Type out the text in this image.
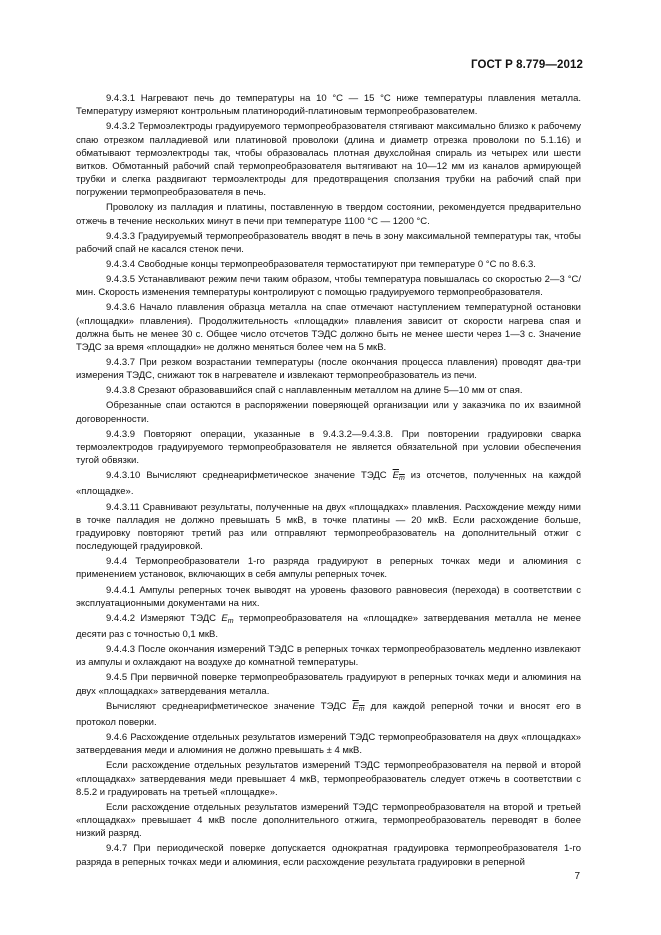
ГОСТ Р 8.779—2012

9.4.3.1 Нагревают печь до температуры на 10 °С — 15 °С ниже температуры плавления металла. Температуру измеряют контрольным платинородий-платиновым термопреобразователем.

9.4.3.2 Термоэлектроды градуируемого термопреобразователя стягивают максимально близко к рабочему спаю отрезком палладиевой или платиновой проволоки (длина и диаметр отрезка проволоки по 5.1.16) и обматывают термоэлектроды так, чтобы образовалась плотная двухслойная спираль из четырех или шести витков. Обмотанный рабочий спай термопреобразователя вытягивают на 10—12 мм из каналов армирующей трубки и слегка раздвигают термоэлектроды для предотвращения сползания трубки на рабочий спай при погружении термопреобразователя в печь.

Проволоку из палладия и платины, поставленную в твердом состоянии, рекомендуется предварительно отжечь в течение нескольких минут в печи при температуре 1100 °С — 1200 °С.

9.4.3.3 Градуируемый термопреобразователь вводят в печь в зону максимальной температуры так, чтобы рабочий спай не касался стенок печи.

9.4.3.4 Свободные концы термопреобразователя термостатируют при температуре 0 °С по 8.6.3.

9.4.3.5 Устанавливают режим печи таким образом, чтобы температура повышалась со скоростью 2—3 °С/мин. Скорость изменения температуры контролируют с помощью градуируемого термопреобразователя.

9.4.3.6 Начало плавления образца металла на спае отмечают наступлением температурной остановки («площадки» плавления). Продолжительность «площадки» плавления зависит от скорости нагрева спая и должна быть не менее 30 с. Общее число отсчетов ТЭДС должно быть не менее шести через 1—3 с. Значение ТЭДС за время «площадки» не должно меняться более чем на 5 мкВ.

9.4.3.7 При резком возрастании температуры (после окончания процесса плавления) проводят два-три измерения ТЭДС, снижают ток в нагревателе и извлекают термопреобразователь из печи.

9.4.3.8 Срезают образовавшийся спай с наплавленным металлом на длине 5—10 мм от спая.

Обрезанные спаи остаются в распоряжении поверяющей организации или у заказчика по их взаимной договоренности.

9.4.3.9 Повторяют операции, указанные в 9.4.3.2—9.4.3.8. При повторении градуировки сварка термоэлектродов градуируемого термопреобразователя не является обязательной при условии обеспечения тугой обвязки.

9.4.3.10 Вычисляют среднеарифметическое значение ТЭДС $E_т$ из отсчетов, полученных на каждой «площадке».

9.4.3.11 Сравнивают результаты, полученные на двух «площадках» плавления. Расхождение между ними в точке палладия не должно превышать 5 мкВ, в точке платины — 20 мкВ. Если расхождение больше, градуировку повторяют третий раз или отправляют термопреобразователь на дополнительный отжиг с последующей градуировкой.

9.4.4 Термопреобразователи 1-го разряда градуируют в реперных точках меди и алюминия с применением установок, включающих в себя ампулы реперных точек.

9.4.4.1 Ампулы реперных точек выводят на уровень фазового равновесия (перехода) в соответствии с эксплуатационными документами на них.

9.4.4.2 Измеряют ТЭДС $E_т$ термопреобразователя на «площадке» затвердевания металла не менее десяти раз с точностью 0,1 мкВ.

9.4.4.3 После окончания измерений ТЭДС в реперных точках термопреобразователь медленно извлекают из ампулы и охлаждают на воздухе до комнатной температуры.

9.4.5 При первичной поверке термопреобразователь градуируют в реперных точках меди и алюминия на двух «площадках» затвердевания металла.

Вычисляют среднеарифметическое значение ТЭДС $E_т$ для каждой реперной точки и вносят его в протокол поверки.

9.4.6 Расхождение отдельных результатов измерений ТЭДС термопреобразователя на двух «площадках» затвердевания меди и алюминия не должно превышать ± 4 мкВ.

Если расхождение отдельных результатов измерений ТЭДС термопреобразователя на первой и второй «площадках» затвердевания меди превышает 4 мкВ, термопреобразователь следует отжечь в соответствии с 8.5.2 и градуировать на третьей «площадке».

Если расхождение отдельных результатов измерений ТЭДС термопреобразователя на второй и третьей «площадках» превышает 4 мкВ после дополнительного отжига, термопреобразователь переводят в более низкий разряд.

9.4.7 При периодической поверке допускается однократная градуировка термопреобразователя 1-го разряда в реперных точках меди и алюминия, если расхождение результата градуировки в реперной

7
